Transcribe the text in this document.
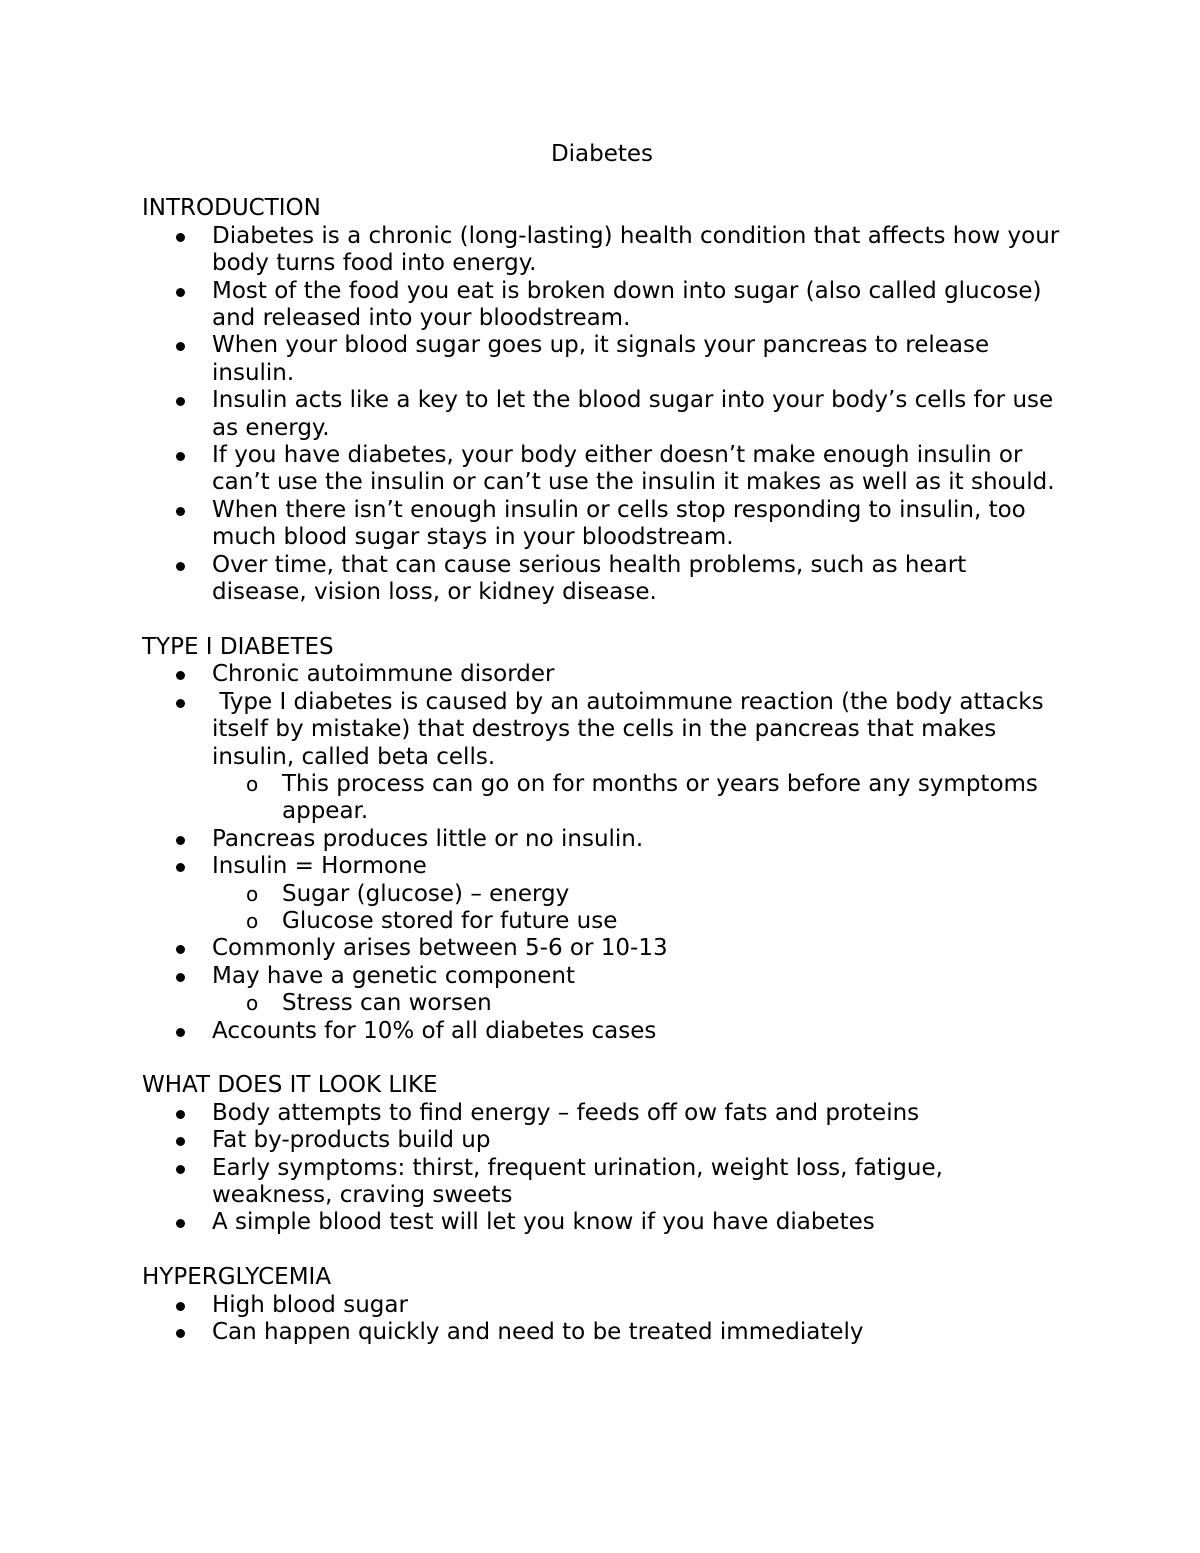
Diabetes
INTRODUCTION
Diabetes is a chronic (long-lasting) health condition that affects how your body turns food into energy.
Most of the food you eat is broken down into sugar (also called glucose) and released into your bloodstream.
When your blood sugar goes up, it signals your pancreas to release insulin.
Insulin acts like a key to let the blood sugar into your body’s cells for use as energy.
If you have diabetes, your body either doesn’t make enough insulin or can’t use the insulin or can’t use the insulin it makes as well as it should.
When there isn’t enough insulin or cells stop responding to insulin, too much blood sugar stays in your bloodstream.
Over time, that can cause serious health problems, such as heart disease, vision loss, or kidney disease.
TYPE I DIABETES
Chronic autoimmune disorder
Type I diabetes is caused by an autoimmune reaction (the body attacks itself by mistake) that destroys the cells in the pancreas that makes insulin, called beta cells.
o This process can go on for months or years before any symptoms appear.
Pancreas produces little or no insulin.
Insulin = Hormone
o Sugar (glucose) – energy
o Glucose stored for future use
Commonly arises between 5-6 or 10-13
May have a genetic component
o Stress can worsen
Accounts for 10% of all diabetes cases
WHAT DOES IT LOOK LIKE
Body attempts to find energy – feeds off ow fats and proteins
Fat by-products build up
Early symptoms: thirst, frequent urination, weight loss, fatigue, weakness, craving sweets
A simple blood test will let you know if you have diabetes
HYPERGLYCEMIA
High blood sugar
Can happen quickly and need to be treated immediately
